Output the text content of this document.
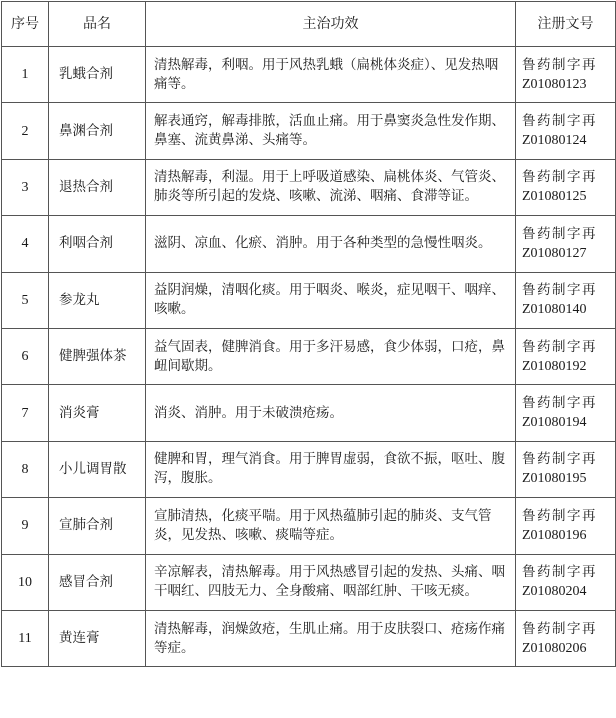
序号	品名	主治功效	注册文号
1	乳蛾合剂	清热解毒，利咽。用于风热乳蛾（扁桃体炎症）、见发热咽痛等。	鲁药制字再
Z01080123

2	鼻渊合剂	解表通窍，解毒排脓，活血止痛。用于鼻窦炎急性发作期、鼻塞、流黄鼻涕、头痛等。	鲁药制字再
Z01080124

3	退热合剂	清热解毒，利湿。用于上呼吸道感染、扁桃体炎、气管炎、肺炎等所引起的发烧、咳嗽、流涕、咽痛、食滞等证。	鲁药制字再
Z01080125

4	利咽合剂	滋阴、凉血、化瘀、消肿。用于各种类型的急慢性咽炎。	鲁药制字再
Z01080127

5	参龙丸	益阴润燥，清咽化痰。用于咽炎、喉炎，症见咽干、咽痒、咳嗽。	鲁药制字再
Z01080140

6	健脾强体茶	益气固表，健脾消食。用于多汗易感，食少体弱，口疮，鼻衄间歇期。	鲁药制字再
Z01080192

7	消炎膏	消炎、消肿。用于未破溃疮疡。	鲁药制字再
Z01080194

8	小儿调胃散	健脾和胃，理气消食。用于脾胃虚弱，食欲不振，呕吐、腹泻，腹胀。	鲁药制字再
Z01080195

9	宣肺合剂	宣肺清热，化痰平喘。用于风热蕴肺引起的肺炎、支气管炎，见发热、咳嗽、痰喘等症。	鲁药制字再
Z01080196

10	感冒合剂	辛凉解表，清热解毒。用于风热感冒引起的发热、头痛、咽干咽红、四肢无力、全身酸痛、咽部红肿、干咳无痰。	鲁药制字再
Z01080204

11	黄连膏	清热解毒，润燥敛疮，生肌止痛。用于皮肤裂口、疮疡作痛等症。	鲁药制字再
Z01080206
